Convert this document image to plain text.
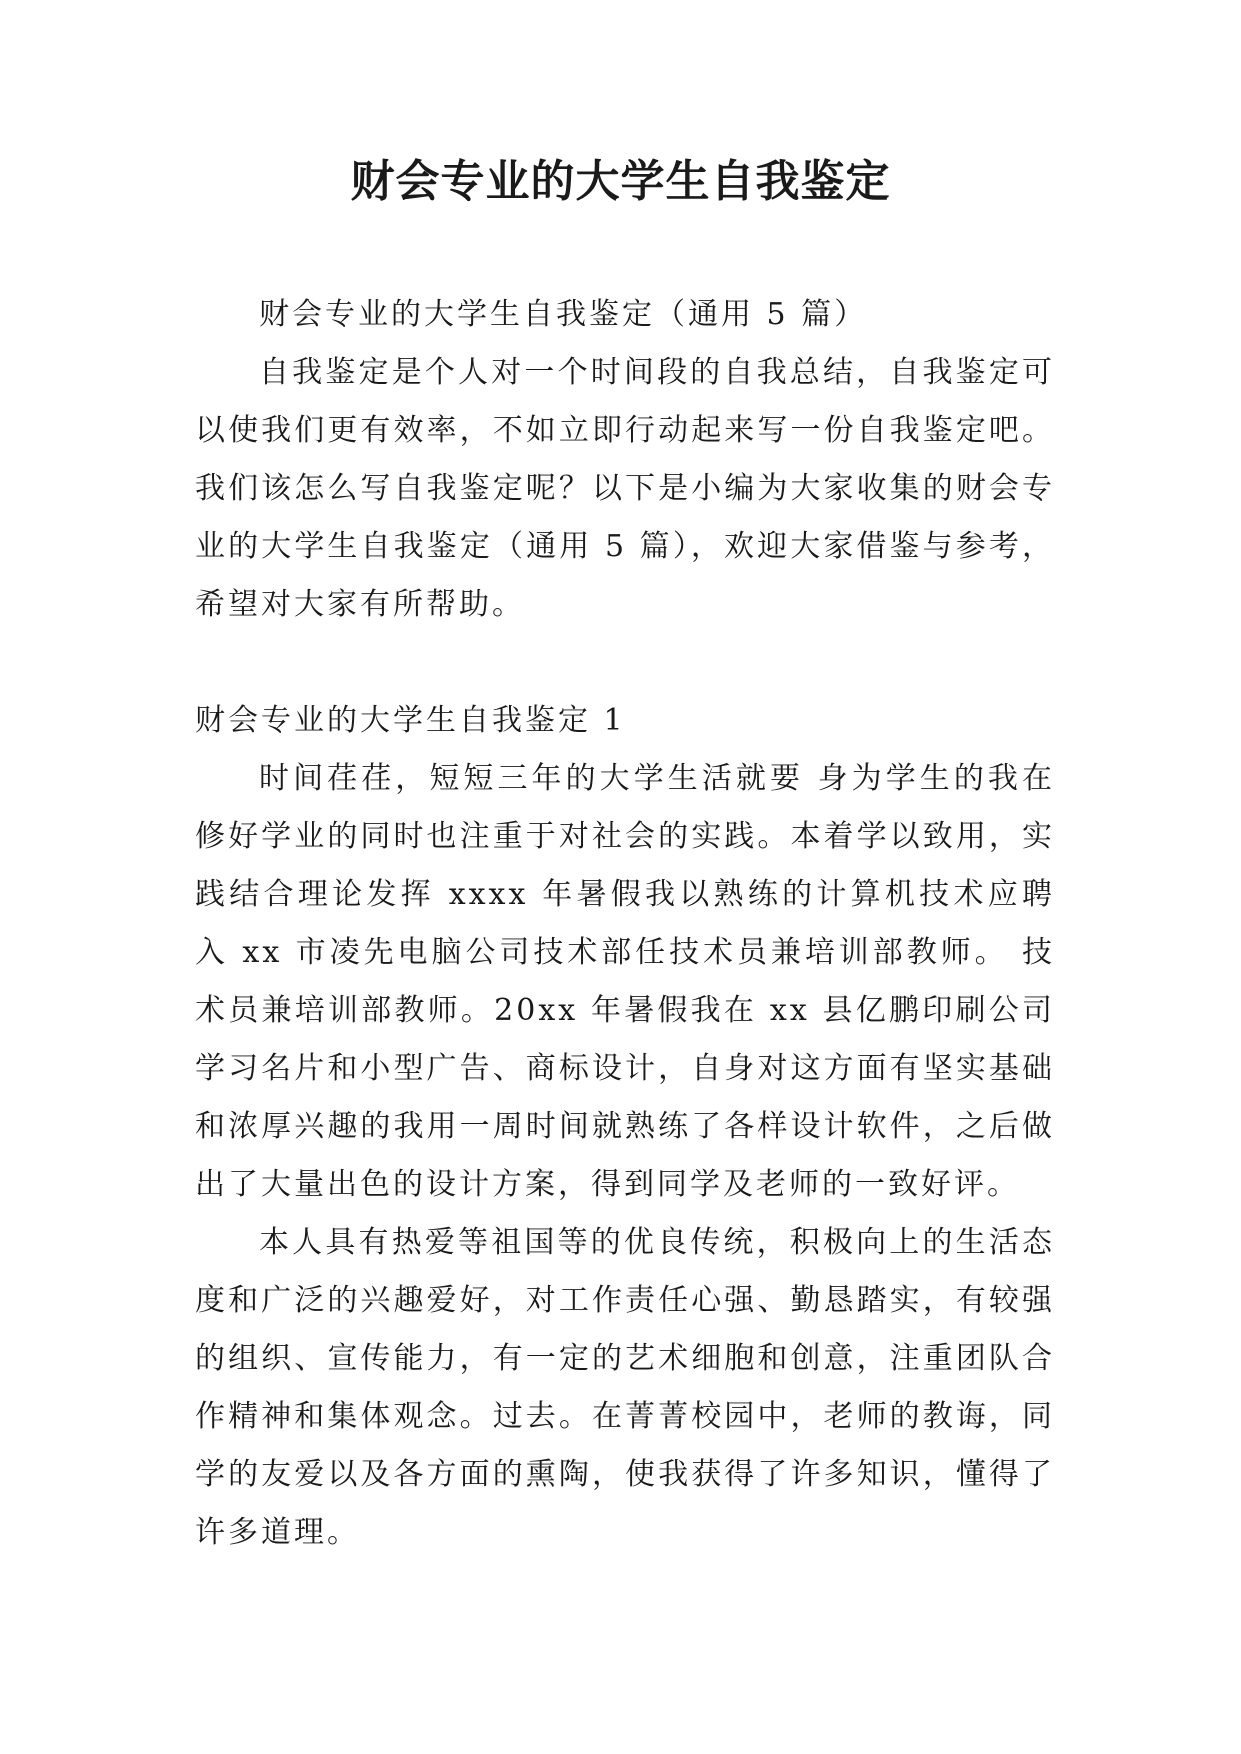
财会专业的大学生自我鉴定

财会专业的大学生自我鉴定（通用 5 篇）

自我鉴定是个人对一个时间段的自我总结，自我鉴定可以使我们更有效率，不如立即行动起来写一份自我鉴定吧。我们该怎么写自我鉴定呢？以下是小编为大家收集的财会专业的大学生自我鉴定（通用 5 篇），欢迎大家借鉴与参考，希望对大家有所帮助。

财会专业的大学生自我鉴定 1

时间荏荏，短短三年的大学生活就要 身为学生的我在修好学业的同时也注重于对社会的实践。本着学以致用，实践结合理论发挥 xxxx 年暑假我以熟练的计算机技术应聘入 xx 市凌先电脑公司技术部任技术员兼培训部教师。 技术员兼培训部教师。20xx 年暑假我在 xx 县亿鹏印刷公司学习名片和小型广告、商标设计，自身对这方面有坚实基础和浓厚兴趣的我用一周时间就熟练了各样设计软件，之后做出了大量出色的设计方案，得到同学及老师的一致好评。

本人具有热爱等祖国等的优良传统，积极向上的生活态度和广泛的兴趣爱好，对工作责任心强、勤恳踏实，有较强的组织、宣传能力，有一定的艺术细胞和创意，注重团队合作精神和集体观念。过去。在菁菁校园中，老师的教诲，同学的友爱以及各方面的熏陶，使我获得了许多知识，懂得了许多道理。
